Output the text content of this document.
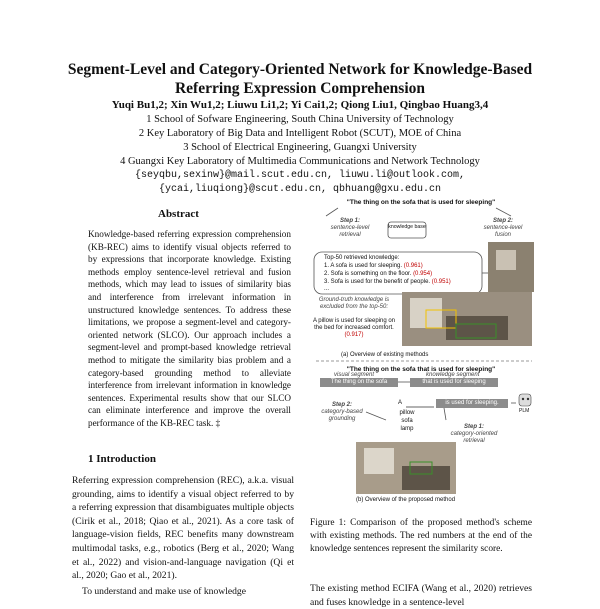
Segment-Level and Category-Oriented Network for Knowledge-Based
Referring Expression Comprehension
Yuqi Bu1,2; Xin Wu1,2; Liuwu Li1,2; Yi Cai1,2; Qiong Liu1, Qingbao Huang3,4
1 School of Sofware Engineering, South China University of Technology
2 Key Laboratory of Big Data and Intelligent Robot (SCUT), MOE of China
3 School of Electrical Engineering, Guangxi University
4 Guangxi Key Laboratory of Multimedia Communications and Network Technology
{seyqbu,sexinw}@mail.scut.edu.cn, liuwu.li@outlook.com,
{ycai,liuqiong}@scut.edu.cn, qbhuang@gxu.edu.cn
Abstract
Knowledge-based referring expression comprehension (KB-REC) aims to identify visual objects referred to by expressions that incorporate knowledge. Existing methods employ sentence-level retrieval and fusion methods, which may lead to issues of similarity bias and interference from irrelevant information in unstructured knowledge sentences. To address these limitations, we propose a segment-level and category-oriented network (SLCO). Our approach includes a segment-level and prompt-based knowledge retrieval method to mitigate the similarity bias problem and a category-based grounding method to alleviate interference from irrelevant information in knowledge sentences. Experimental results show that our SLCO can eliminate interference and improve the overall performance of the KB-REC task. ‡
1 Introduction
Referring expression comprehension (REC), a.k.a. visual grounding, aims to identify a visual object referred to by a referring expression that disambiguates multiple objects (Cirik et al., 2018; Qiao et al., 2021). As a core task of language-vision fields, REC benefits many downstream multimodal tasks, e.g., robotics (Berg et al., 2020; Wang et al., 2022) and vision-and-language navigation (Qi et al., 2020; Gao et al., 2021).
To understand and make use of knowledge
"The thing on the sofa that is used for sleeping"
Step 1:
sentence-level retrieval
knowledge base
Step 2:
sentence-level fusion
Top-50 retrieved knowledge:
1. A sofa is used for sleeping. (0.961)
2. Sofa is something on the floor. (0.954)
3. Sofa is used for the benefit of people. (0.951)
...
Ground-truth knowledge is excluded from the top-50:
A pillow is used for sleeping on the bed for increased comfort. (0.917)
(a) Overview of existing methods
"The thing on the sofa that is used for sleeping"
visual segment
The thing on the sofa
knowledge segment
that is used for sleeping
A	is used for sleeping.
PLM
Step 2:
category-based grounding
pillow
sofa
lamp	Step 1:
category-oriented retrieval
(b) Overview of the proposed method
Figure 1: Comparison of the proposed method's scheme with existing methods. The red numbers at the end of the knowledge sentences represent the similarity score.
The existing method ECIFA (Wang et al., 2020) retrieves and fuses knowledge in a sentence-level
